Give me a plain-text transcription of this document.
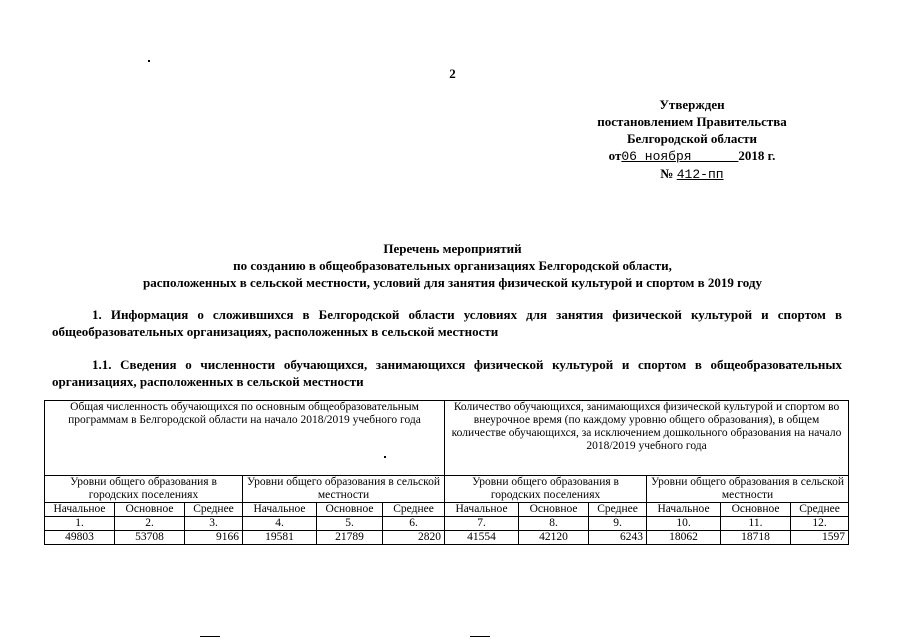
2
Утвержден
постановлением Правительства
Белгородской области
от06 ноября	2018 г.
№ 412-пп
Перечень мероприятий
по созданию в общеобразовательных организациях Белгородской области,
расположенных в сельской местности, условий для занятия физической культурой и спортом в 2019 году
1. Информация о сложившихся в Белгородской области условиях для занятия физической культурой и спортом в общеобразовательных организациях, расположенных в сельской местности
1.1. Сведения о численности обучающихся, занимающихся физической культурой и спортом в общеобразовательных организациях, расположенных в сельской местности
Общая численность обучающихся по основным общеобразовательным программам в Белгородской области на начало 2018/2019 учебного года						Количество обучающихся, занимающихся физической культурой и спортом во внеурочное время (по каждому уровню общего образования), в общем количестве обучающихся, за исключением дошкольного образования на начало 2018/2019 учебного года					
Уровни общего образования в городских поселениях			Уровни общего образования в сельской местности			Уровни общего образования в городских поселениях			Уровни общего образования в сельской местности		
Начальное	Основное	Среднее	Начальное	Основное	Среднее	Начальное	Основное	Среднее	Начальное	Основное	Среднее
1.	2.	3.	4.	5.	6.	7.	8.	9.	10.	11.	12.
49803	53708	9166	19581	21789	2820	41554	42120	6243	18062	18718	1597
